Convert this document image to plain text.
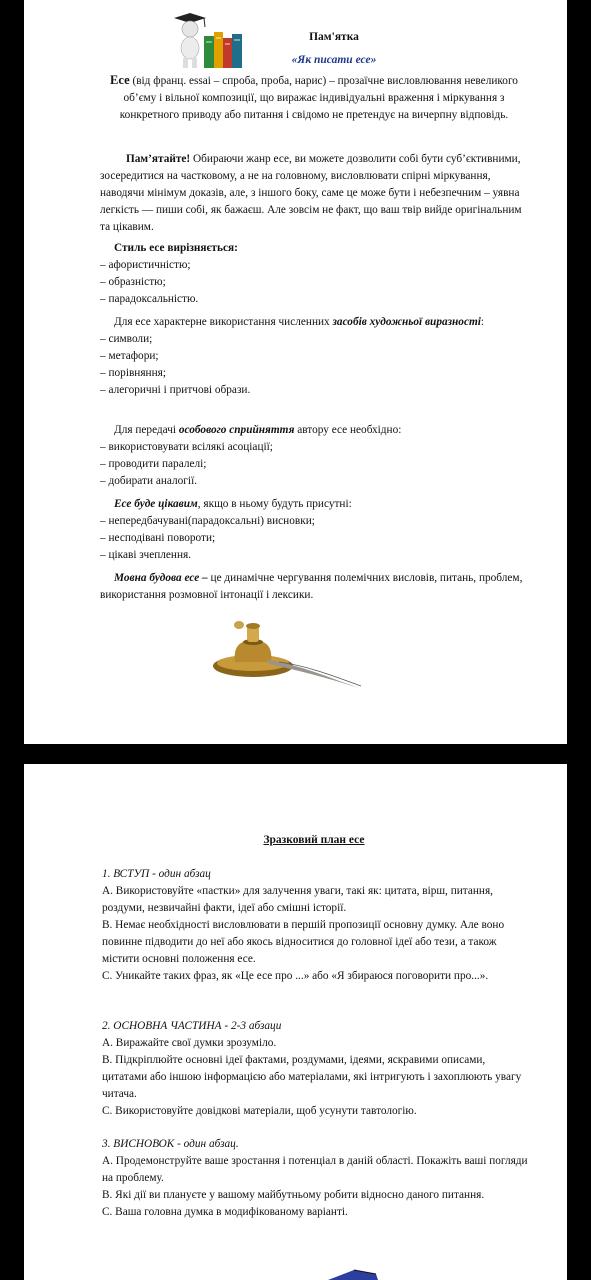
Пам'ятка

«Як писати есе»

Есе (від франц. essai – спроба, проба, нарис) – прозаїчне висловлювання невеликого об’єму і вільної композиції, що виражає індивідуальні враження і міркування з конкретного приводу або питання і свідомо не претендує на вичерпну відповідь.

Пам’ятайте! Обираючи жанр есе, ви можете дозволити собі бути суб’єктивними, зосередитися на частковому, а не на головному, висловлювати спірні міркування, наводячи мінімум доказів, але, з іншого боку, саме це може бути і небезпечним – уявна легкість — пиши собі, як бажаєш. Але зовсім не факт, що ваш твір вийде оригінальним та цікавим.

Стиль есе вирізняється:
– афористичністю;
– образністю;
– парадоксальністю.

Для есе характерне використання численних засобів художньої виразності:

– символи;
– метафори;
– порівняння;
– алегоричні і притчові образи.

Для передачі особового сприйняття автору есе необхідно:

– використовувати всілякі асоціації;
– проводити паралелі;
– добирати аналогії.

Есе буде цікавим, якщо в ньому будуть присутні:

– непередбачувані(парадоксальні) висновки;
– несподівані повороти;
– цікаві зчеплення.

Мовна будова есе – це динамічне чергування полемічних висловів, питань, проблем, використання розмовної інтонації і лексики.

Зразковий план есе

1. ВСТУП - один абзац

А. Використовуйте «пастки» для залучення уваги, такі як: цитата, вірш, питання, роздуми, незвичайні факти, ідеї або смішні історії.

В. Немає необхідності висловлювати в першій пропозиції основну думку. Але воно повинне підводити до неї або якось відноситися до головної ідеї або тези, а також містити основні положення есе.

С. Уникайте таких фраз, як «Це есе про ...» або «Я збираюся поговорити про...».

2. ОСНОВНА ЧАСТИНА - 2-3 абзаци

А. Виражайте свої думки зрозуміло.

В. Підкріплюйте основні ідеї фактами, роздумами, ідеями, яскравими описами, цитатами або іншою інформацією або матеріалами, які інтригують і захоплюють увагу читача.

С. Використовуйте довідкові матеріали, щоб усунути тавтологію.

3. ВИСНОВОК - один абзац.

А. Продемонструйте ваше зростання і потенціал в даній області. Покажіть ваші погляди на проблему.

В. Які дії ви плануєте у вашому майбутньому робити відносно даного питання.

С. Ваша головна думка в модифікованому варіанті.
